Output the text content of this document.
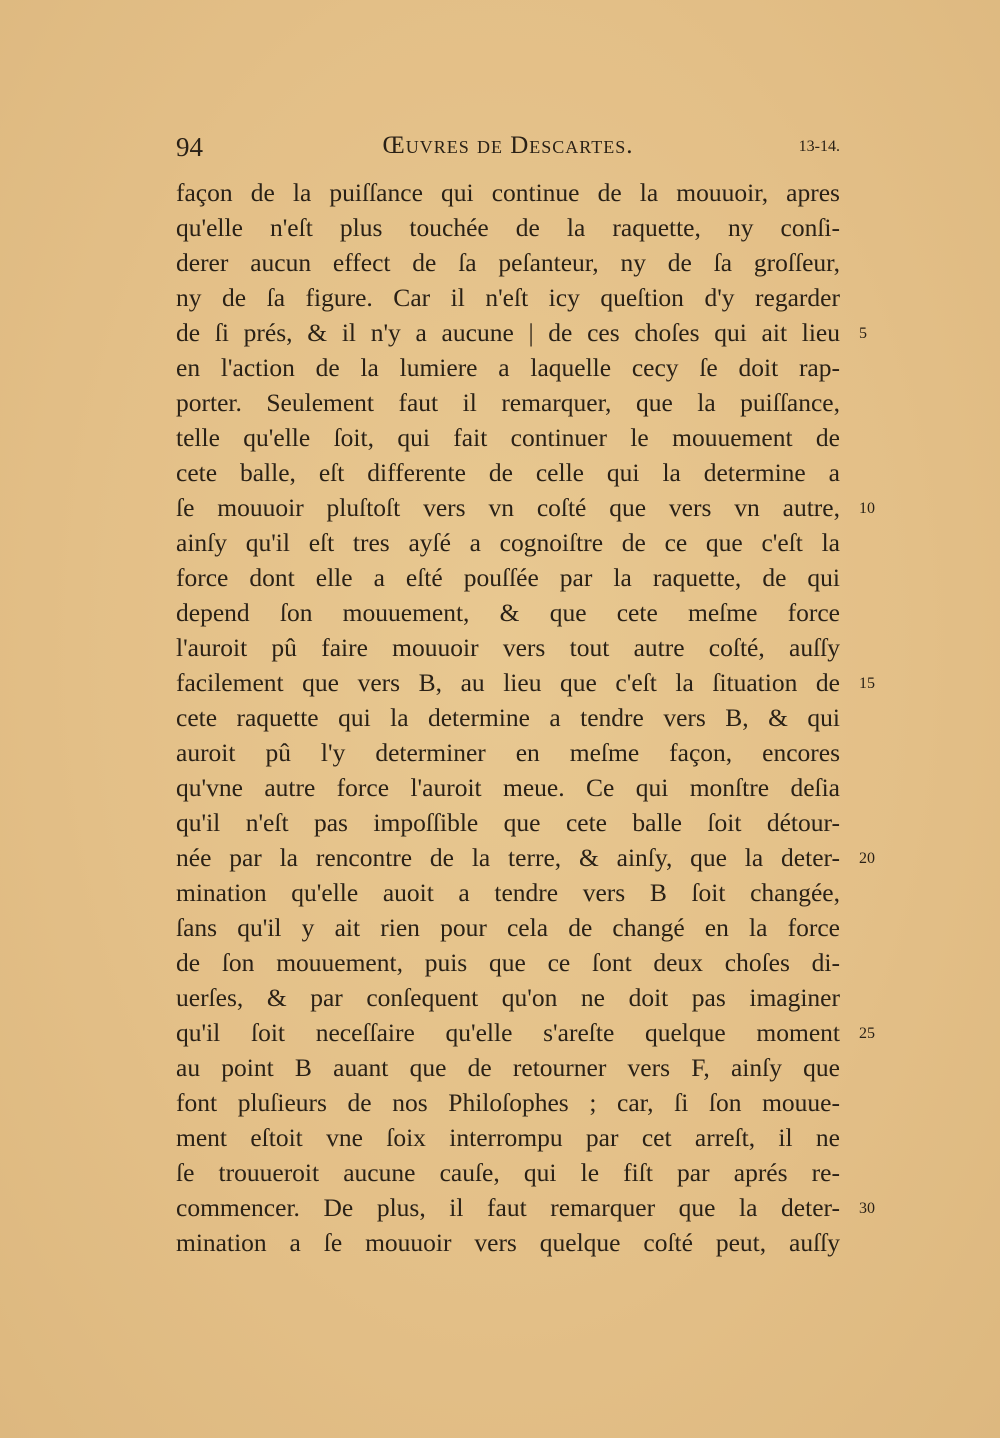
94	Œuvres de Descartes.	13-14.
façon de la puiſſance qui continue de la mouuoir, apres
qu'elle n'eſt plus touchée de la raquette, ny conſi-
derer aucun effect de ſa peſanteur, ny de ſa groſſeur,
ny de ſa figure. Car il n'eſt icy queſtion d'y regarder
de ſi prés, & il n'y a aucune | de ces choſes qui ait lieu 5
en l'action de la lumiere a laquelle cecy ſe doit rap-
porter. Seulement faut il remarquer, que la puiſſance,
telle qu'elle ſoit, qui fait continuer le mouuement de
cete balle, eſt differente de celle qui la determine a
ſe mouuoir pluſtoſt vers vn coſté que vers vn autre, 10
ainſy qu'il eſt tres ayſé a cognoiſtre de ce que c'eſt la
force dont elle a eſté pouſſée par la raquette, de qui
depend ſon mouuement, & que cete meſme force
l'auroit pû faire mouuoir vers tout autre coſté, auſſy
facilement que vers B, au lieu que c'eſt la ſituation de 15
cete raquette qui la determine a tendre vers B, & qui
auroit pû l'y determiner en meſme façon, encores
qu'vne autre force l'auroit meue. Ce qui monſtre deſia
qu'il n'eſt pas impoſſible que cete balle ſoit détour-
née par la rencontre de la terre, & ainſy, que la deter- 20
mination qu'elle auoit a tendre vers B ſoit changée,
ſans qu'il y ait rien pour cela de changé en la force
de ſon mouuement, puis que ce ſont deux choſes di-
uerſes, & par conſequent qu'on ne doit pas imaginer
qu'il ſoit neceſſaire qu'elle s'areſte quelque moment 25
au point B auant que de retourner vers F, ainſy que
font pluſieurs de nos Philoſophes ; car, ſi ſon mouue-
ment eſtoit vne ſoix interrompu par cet arreſt, il ne
ſe trouueroit aucune cauſe, qui le fiſt par aprés re-
commencer. De plus, il faut remarquer que la deter- 30
mination a ſe mouuoir vers quelque coſté peut, auſſy
